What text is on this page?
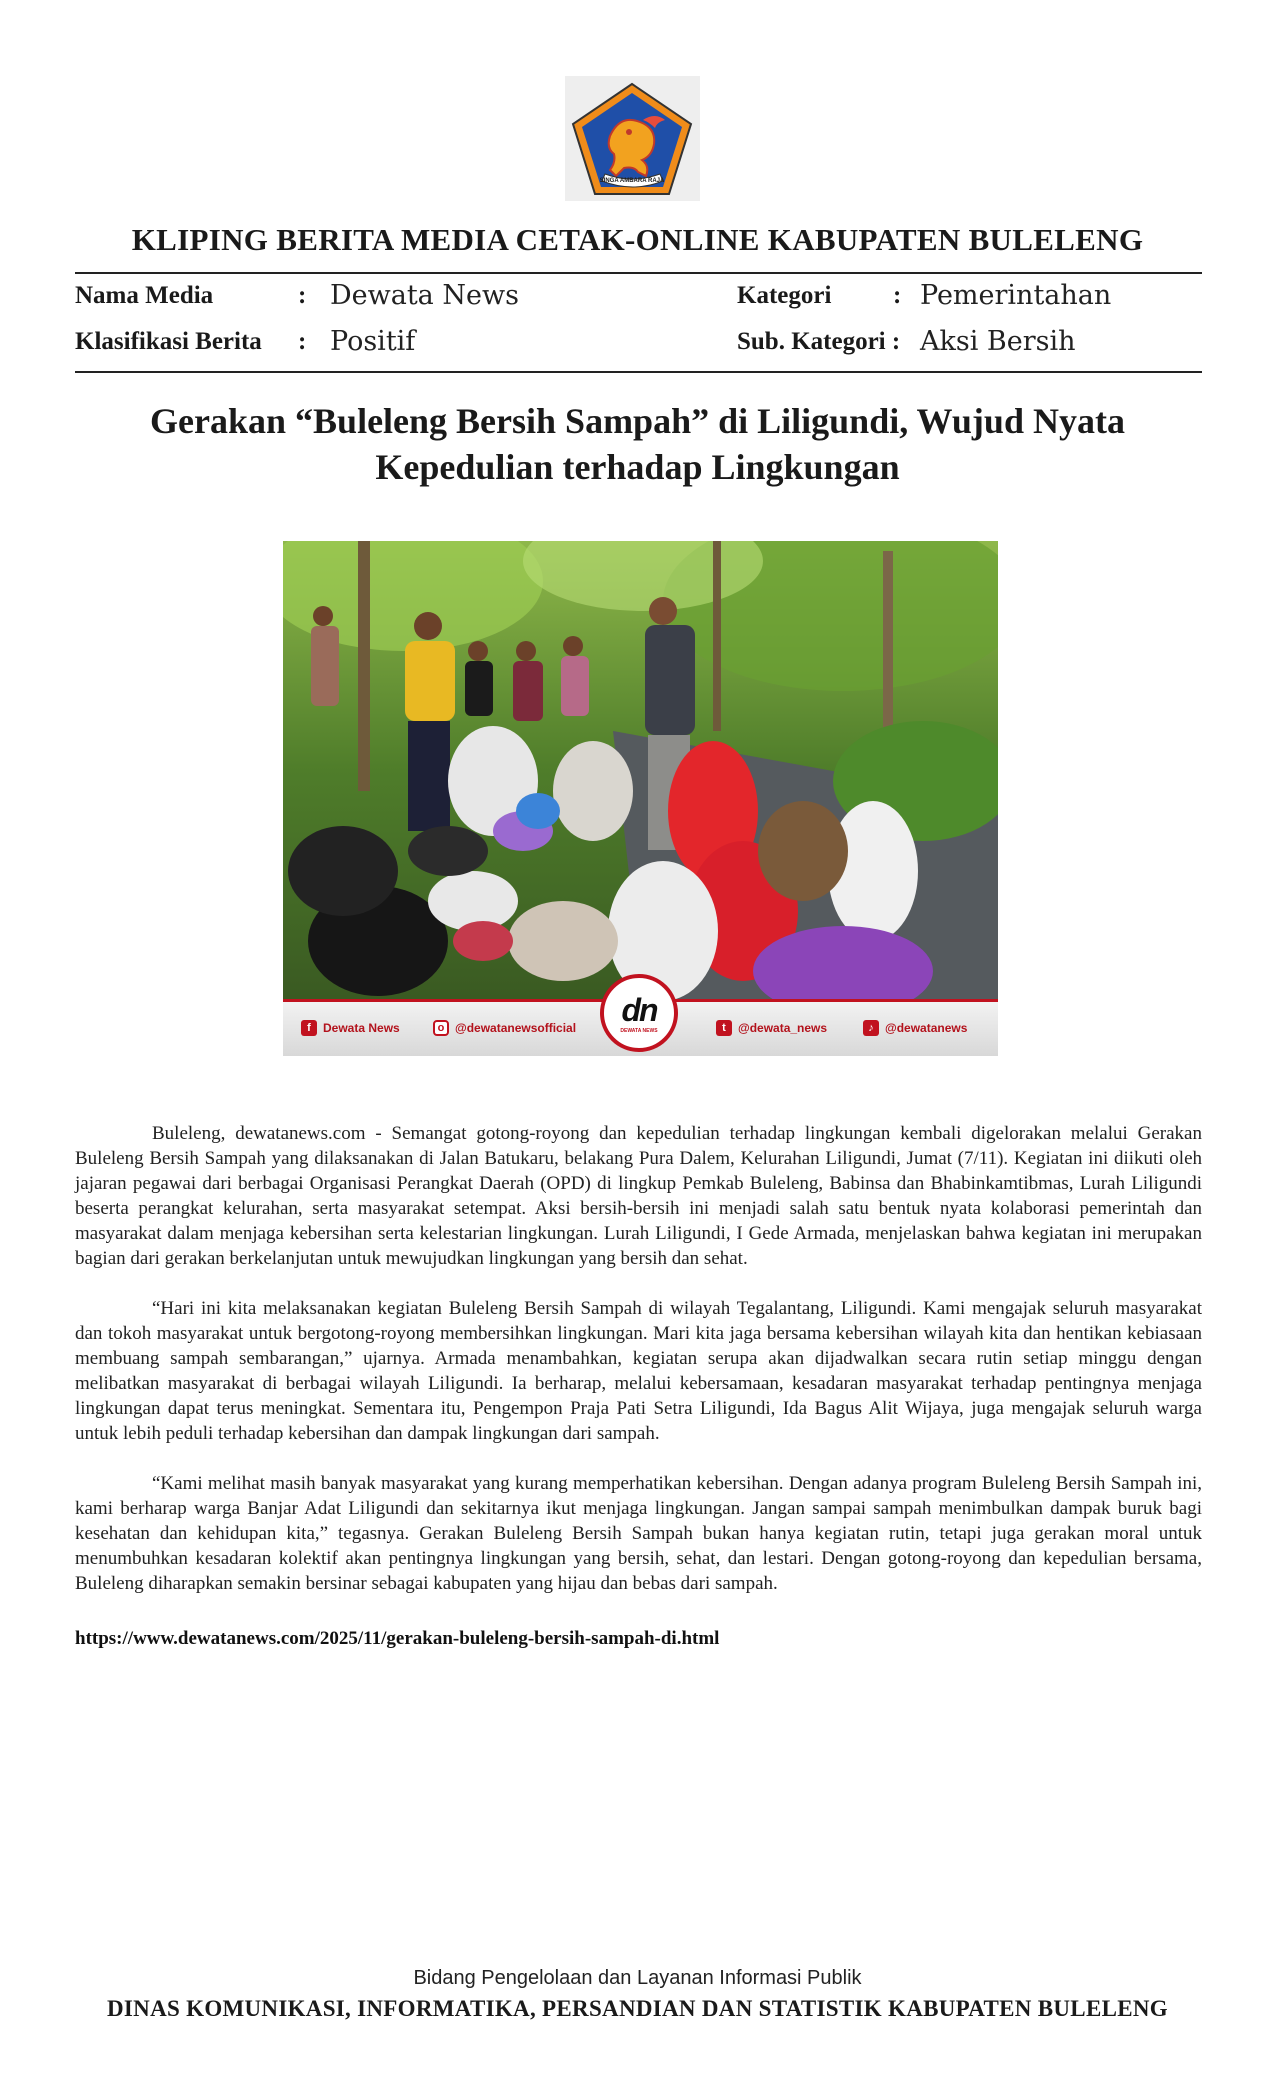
SINGA AMBARA RAJA
KLIPING BERITA MEDIA CETAK-ONLINE KABUPATEN BULELENG
Nama Media	: Dewata News	Kategori : Pemerintahan
Klasifikasi Berita : Positif	Sub. Kategori : Aksi Bersih
Gerakan “Buleleng Bersih Sampah” di Liligundi, Wujud Nyata Kepedulian terhadap Lingkungan
f	Dewata News	o @dewatanewsofficial	dn
DEWATA NEWS	t	@dewata_news	♪ @dewatanews

Buleleng, dewatanews.com - Semangat gotong-royong dan kepedulian terhadap lingkungan kembali digelorakan melalui Gerakan Buleleng Bersih Sampah yang dilaksanakan di Jalan Batukaru, belakang Pura Dalem, Kelurahan Liligundi, Jumat (7/11). Kegiatan ini diikuti oleh jajaran pegawai dari berbagai Organisasi Perangkat Daerah (OPD) di lingkup Pemkab Buleleng, Babinsa dan Bhabinkamtibmas, Lurah Liligundi beserta perangkat kelurahan, serta masyarakat setempat. Aksi bersih-bersih ini menjadi salah satu bentuk nyata kolaborasi pemerintah dan masyarakat dalam menjaga kebersihan serta kelestarian lingkungan. Lurah Liligundi, I Gede Armada, menjelaskan bahwa kegiatan ini merupakan bagian dari gerakan berkelanjutan untuk mewujudkan lingkungan yang bersih dan sehat.

“Hari ini kita melaksanakan kegiatan Buleleng Bersih Sampah di wilayah Tegalantang, Liligundi. Kami mengajak seluruh masyarakat dan tokoh masyarakat untuk bergotong-royong membersihkan lingkungan. Mari kita jaga bersama kebersihan wilayah kita dan hentikan kebiasaan membuang sampah sembarangan,” ujarnya. Armada menambahkan, kegiatan serupa akan dijadwalkan secara rutin setiap minggu dengan melibatkan masyarakat di berbagai wilayah Liligundi. Ia berharap, melalui kebersamaan, kesadaran masyarakat terhadap pentingnya menjaga lingkungan dapat terus meningkat. Sementara itu, Pengempon Praja Pati Setra Liligundi, Ida Bagus Alit Wijaya, juga mengajak seluruh warga untuk lebih peduli terhadap kebersihan dan dampak lingkungan dari sampah.

“Kami melihat masih banyak masyarakat yang kurang memperhatikan kebersihan. Dengan adanya program Buleleng Bersih Sampah ini, kami berharap warga Banjar Adat Liligundi dan sekitarnya ikut menjaga lingkungan. Jangan sampai sampah menimbulkan dampak buruk bagi kesehatan dan kehidupan kita,” tegasnya. Gerakan Buleleng Bersih Sampah bukan hanya kegiatan rutin, tetapi juga gerakan moral untuk menumbuhkan kesadaran kolektif akan pentingnya lingkungan yang bersih, sehat, dan lestari. Dengan gotong-royong dan kepedulian bersama, Buleleng diharapkan semakin bersinar sebagai kabupaten yang hijau dan bebas dari sampah.

https://www.dewatanews.com/2025/11/gerakan-buleleng-bersih-sampah-di.html
Bidang Pengelolaan dan Layanan Informasi Publik
DINAS KOMUNIKASI, INFORMATIKA, PERSANDIAN DAN STATISTIK KABUPATEN BULELENG
